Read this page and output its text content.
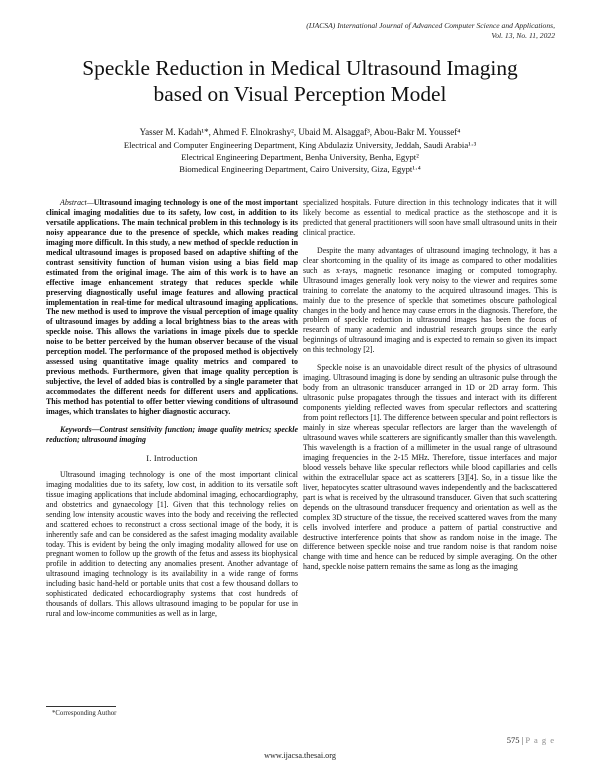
(IJACSA) International Journal of Advanced Computer Science and Applications,
Vol. 13, No. 11, 2022
Speckle Reduction in Medical Ultrasound Imaging
based on Visual Perception Model
Yasser M. Kadah¹*, Ahmed F. Elnokrashy², Ubaid M. Alsaggaf³, Abou-Bakr M. Youssef⁴
Electrical and Computer Engineering Department, King Abdulaziz University, Jeddah, Saudi Arabia¹·³
Electrical Engineering Department, Benha University, Benha, Egypt²
Biomedical Engineering Department, Cairo University, Giza, Egypt¹·⁴

Abstract—Ultrasound imaging technology is one of the most important clinical imaging modalities due to its safety, low cost, in addition to its versatile applications. The main technical problem in this technology is its noisy appearance due to the presence of speckle, which makes reading imaging more difficult. In this study, a new method of speckle reduction in medical ultrasound images is proposed based on adaptive shifting of the contrast sensitivity function of human vision using a bias field map estimated from the original image. The aim of this work is to have an effective image enhancement strategy that reduces speckle while preserving diagnostically useful image features and allowing practical implementation in real-time for medical ultrasound imaging applications. The new method is used to improve the visual perception of image quality of ultrasound images by adding a local brightness bias to the areas with speckle noise. This allows the variations in image pixels due to speckle noise to be better perceived by the human observer because of the visual perception model. The performance of the proposed method is objectively assessed using quantitative image quality metrics and compared to previous methods. Furthermore, given that image quality perception is subjective, the level of added bias is controlled by a single parameter that accommodates the different needs for different users and applications. This method has potential to offer better viewing conditions of ultrasound images, which translates to higher diagnostic accuracy.

Keywords—Contrast sensitivity function; image quality metrics; speckle reduction; ultrasound imaging

I. Introduction

Ultrasound imaging technology is one of the most important clinical imaging modalities due to its safety, low cost, in addition to its versatile soft tissue imaging applications that include abdominal imaging, echocardiography, and obstetrics and gynaecology [1]. Given that this technology relies on sending low intensity acoustic waves into the body and receiving the reflected and scattered echoes to reconstruct a cross sectional image of the body, it is inherently safe and can be considered as the safest imaging modality available today. This is evident by being the only imaging modality allowed for use on pregnant women to follow up the growth of the fetus and assess its biophysical profile in addition to detecting any anomalies present. Another advantage of ultrasound imaging technology is its availability in a wide range of forms including basic hand-held or portable units that cost a few thousand dollars to sophisticated dedicated echocardiography systems that cost hundreds of thousands of dollars. This allows ultrasound imaging to be popular for use in rural and low-income communities as well as in large,

specialized hospitals. Future direction in this technology indicates that it will likely become as essential to medical practice as the stethoscope and it is predicted that general practitioners will soon have small ultrasound units in their clinical practice.

Despite the many advantages of ultrasound imaging technology, it has a clear shortcoming in the quality of its image as compared to other modalities such as x-rays, magnetic resonance imaging or computed tomography. Ultrasound images generally look very noisy to the viewer and requires some training to correlate the anatomy to the acquired ultrasound images. This is mainly due to the presence of speckle that sometimes obscure pathological changes in the body and hence may cause errors in the diagnosis. Therefore, the problem of speckle reduction in ultrasound images has been the focus of research of many academic and industrial research groups since the early beginnings of ultrasound imaging and is expected to remain so given its impact on this technology [2].

Speckle noise is an unavoidable direct result of the physics of ultrasound imaging. Ultrasound imaging is done by sending an ultrasonic pulse through the body from an ultrasonic transducer arranged in 1D or 2D array form. This ultrasonic pulse propagates through the tissues and interact with its different components yielding reflected waves from specular reflectors and scattering from point reflectors [1]. The difference between specular and point reflectors is mainly in size whereas specular reflectors are larger than the wavelength of ultrasound waves while scatterers are significantly smaller than this wavelength. This wavelength is a fraction of a millimeter in the usual range of ultrasound imaging frequencies in the 2-15 MHz. Therefore, tissue interfaces and major blood vessels behave like specular reflectors while blood capillaries and cells within the extracellular space act as scatterers [3][4]. So, in a tissue like the liver, hepatocytes scatter ultrasound waves independently and the backscattered part is what is received by the ultrasound transducer. Given that such scattering depends on the ultrasound transducer frequency and orientation as well as the complex 3D structure of the tissue, the received scattered waves from the many cells involved interfere and produce a pattern of partial constructive and destructive interference points that show as random noise in the image. The difference between speckle noise and true random noise is that random noise change with time and hence can be reduced by simple averaging. On the other hand, speckle noise pattern remains the same as long as the imaging

*Corresponding Author
575 | P a g e
www.ijacsa.thesai.org
